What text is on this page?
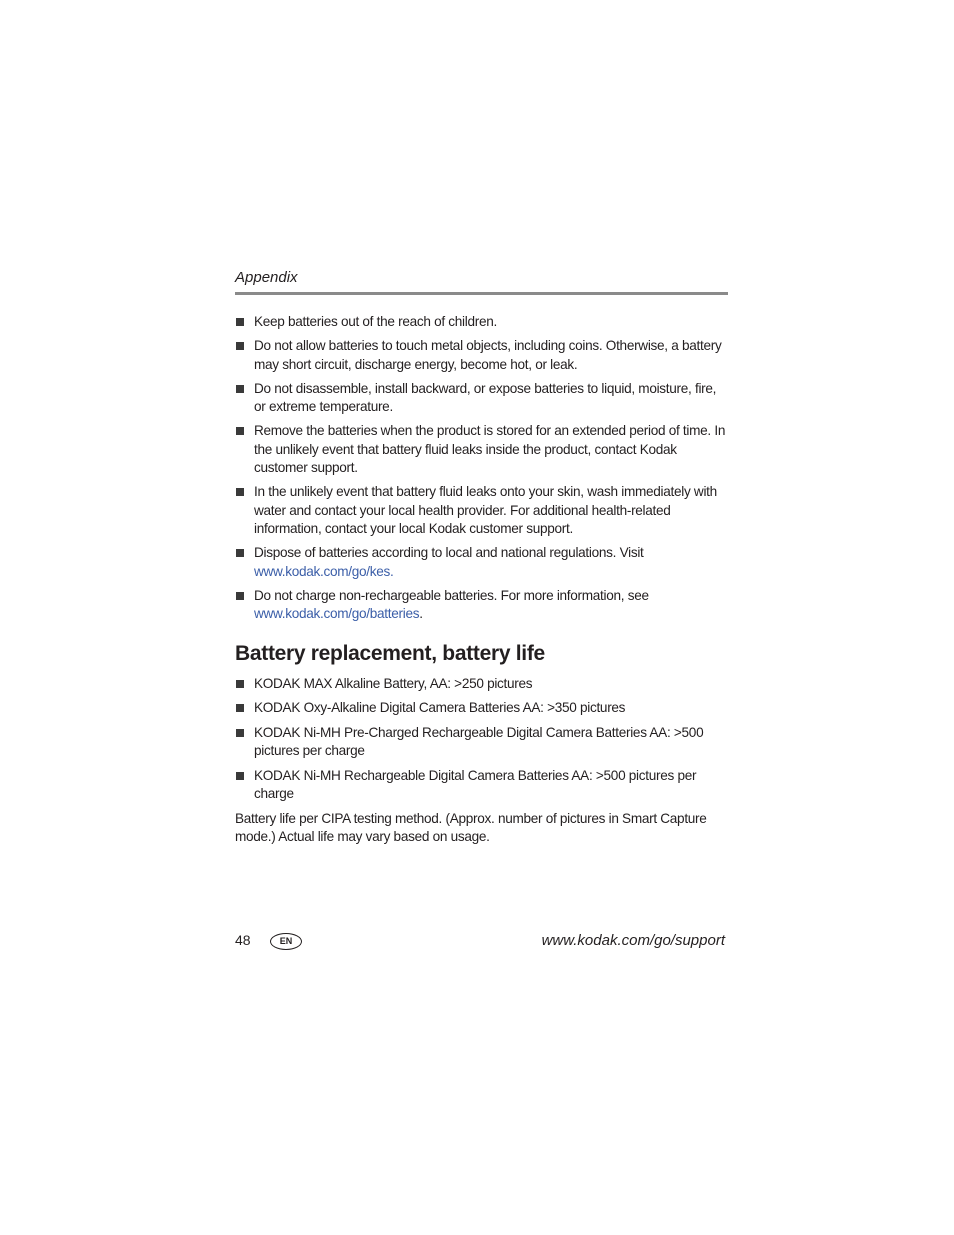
Appendix

Keep batteries out of the reach of children.
Do not allow batteries to touch metal objects, including coins. Otherwise, a battery may short circuit, discharge energy, become hot, or leak.
Do not disassemble, install backward, or expose batteries to liquid, moisture, fire, or extreme temperature.
Remove the batteries when the product is stored for an extended period of time. In the unlikely event that battery fluid leaks inside the product, contact Kodak customer support.
In the unlikely event that battery fluid leaks onto your skin, wash immediately with water and contact your local health provider. For additional health-related information, contact your local Kodak customer support.
Dispose of batteries according to local and national regulations. Visit
www.kodak.com/go/kes.
Do not charge non-rechargeable batteries. For more information, see
www.kodak.com/go/batteries.
Battery replacement, battery life
KODAK MAX Alkaline Battery, AA: >250 pictures
KODAK Oxy-Alkaline Digital Camera Batteries AA: >350 pictures
KODAK Ni-MH Pre-Charged Rechargeable Digital Camera Batteries AA: >500 pictures per charge
KODAK Ni-MH Rechargeable Digital Camera Batteries AA: >500 pictures per charge

Battery life per CIPA testing method. (Approx. number of pictures in Smart Capture mode.) Actual life may vary based on usage.

48	EN	www.kodak.com/go/support
